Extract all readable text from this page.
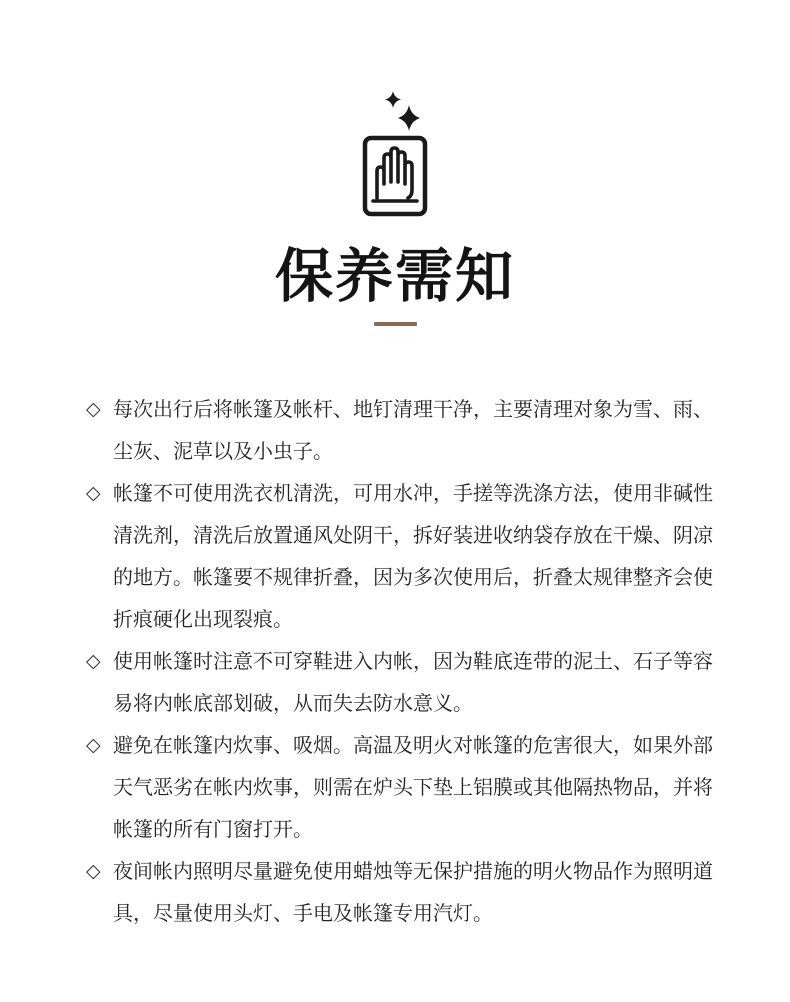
保养需知
◇ 每次出行后将帐篷及帐杆、地钉清理干净，主要清理对象为雪、雨、尘灰、泥草以及小虫子。
◇ 帐篷不可使用洗衣机清洗，可用水冲，手搓等洗涤方法，使用非碱性清洗剂，清洗后放置通风处阴干，拆好装进收纳袋存放在干燥、阴凉的地方。帐篷要不规律折叠，因为多次使用后，折叠太规律整齐会使折痕硬化出现裂痕。
◇ 使用帐篷时注意不可穿鞋进入内帐，因为鞋底连带的泥土、石子等容易将内帐底部划破，从而失去防水意义。
◇ 避免在帐篷内炊事、吸烟。高温及明火对帐篷的危害很大，如果外部天气恶劣在帐内炊事，则需在炉头下垫上铝膜或其他隔热物品，并将帐篷的所有门窗打开。
◇ 夜间帐内照明尽量避免使用蜡烛等无保护措施的明火物品作为照明道具，尽量使用头灯、手电及帐篷专用汽灯。
